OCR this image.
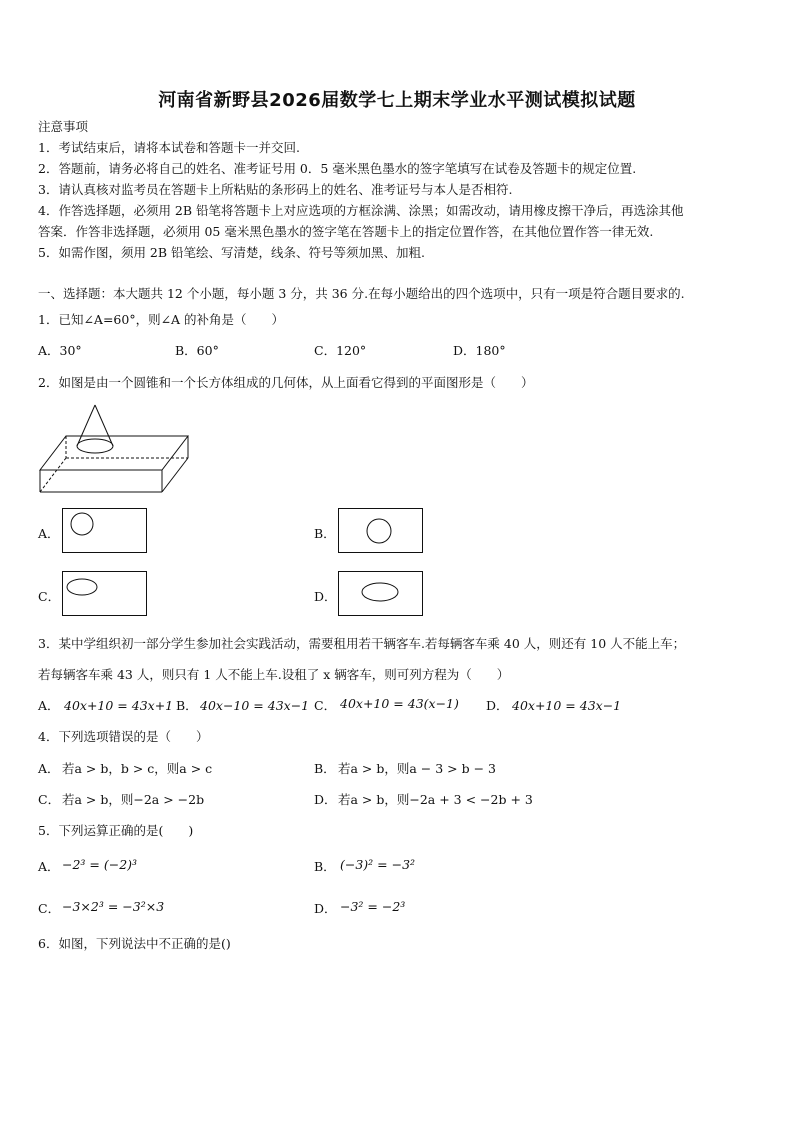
河南省新野县2026届数学七上期末学业水平测试模拟试题
注意事项
1．考试结束后，请将本试卷和答题卡一并交回.
2．答题前，请务必将自己的姓名、准考证号用 0．5 毫米黑色墨水的签字笔填写在试卷及答题卡的规定位置.
3．请认真核对监考员在答题卡上所粘贴的条形码上的姓名、准考证号与本人是否相符.
4．作答选择题，必须用 2B 铅笔将答题卡上对应选项的方框涂满、涂黑；如需改动，请用橡皮擦干净后，再选涂其他
答案．作答非选择题，必须用 05 毫米黑色墨水的签字笔在答题卡上的指定位置作答，在其他位置作答一律无效.
5．如需作图，须用 2B 铅笔绘、写清楚，线条、符号等须加黑、加粗.
一、选择题：本大题共 12 个小题，每小题 3 分，共 36 分.在每小题给出的四个选项中，只有一项是符合题目要求的.
1．已知∠A=60°，则∠A 的补角是（　　）
A．30°	B．60°	C．120°	D．180°
2．如图是由一个圆锥和一个长方体组成的几何体，从上面看它得到的平面图形是（　　）
A．	B．
C．	D．
3．某中学组织初一部分学生参加社会实践活动，需要租用若干辆客车.若每辆客车乘 40 人，则还有 10 人不能上车；
若每辆客车乘 43 人，则只有 1 人不能上车.设租了 x 辆客车，则可列方程为（　　）
A． 40x+10 = 43x+1 B． 40x−10 = 43x−1 C． 40x+10 = 43(x−1) D． 40x+10 = 43x−1
4．下列选项错误的是（　　）
A． 若a > b，b > c，则a > c	B． 若a > b，则a − 3 > b − 3
C． 若a > b，则−2a > −2b	D． 若a > b，则−2a + 3 < −2b + 3
5．下列运算正确的是(　　)
A． −2³ = (−2)³	B． (−3)² = −3²
C． −3×2³ = −3²×3	D． −3² = −2³
6．如图，下列说法中不正确的是()
